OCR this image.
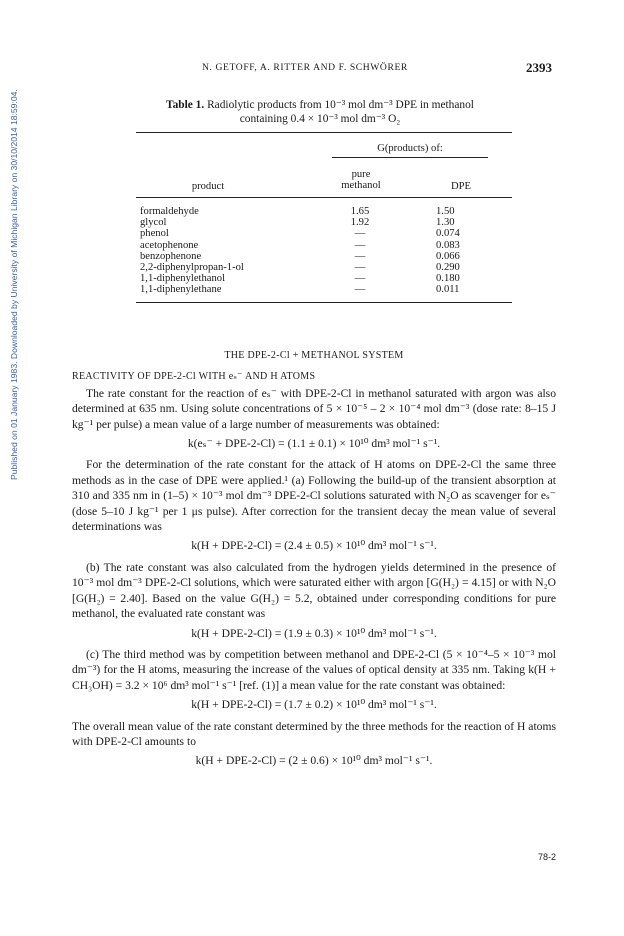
Published on 01 January 1983. Downloaded by University of Michigan Library on 30/10/2014 18:59:04.
N. GETOFF, A. RITTER AND F. SCHWÖRER	2393
Table 1. Radiolytic products from 10⁻³ mol dm⁻³ DPE in methanol
containing 0.4 × 10⁻³ mol dm⁻³ O₂
G(products) of:
product
pure
methanol	DPE
formaldehyde	1.65	1.50
glycol	1.92	1.30
phenol	—	0.074
acetophenone	—	0.083
benzophenone	—	0.066
2,2-diphenylpropan-1-ol	—	0.290
1,1-diphenylethanol	—	0.180
1,1-diphenylethane	—	0.011
THE DPE-2-Cl + METHANOL SYSTEM
REACTIVITY OF DPE-2-Cl WITH eₛ⁻ AND H ATOMS

The rate constant for the reaction of eₛ⁻ with DPE-2-Cl in methanol saturated with argon was also determined at 635 nm. Using solute concentrations of 5 × 10⁻⁵ – 2 × 10⁻⁴ mol dm⁻³ (dose rate: 8–15 J kg⁻¹ per pulse) a mean value of a large number of measurements was obtained:

k(eₛ⁻ + DPE-2-Cl) = (1.1 ± 0.1) × 10¹⁰ dm³ mol⁻¹ s⁻¹.

For the determination of the rate constant for the attack of H atoms on DPE-2-Cl the same three methods as in the case of DPE were applied.¹ (a) Following the build-up of the transient absorption at 310 and 335 nm in (1–5) × 10⁻³ mol dm⁻³ DPE-2-Cl solutions saturated with N₂O as scavenger for eₛ⁻ (dose 5–10 J kg⁻¹ per 1 μs pulse). After correction for the transient decay the mean value of several determinations was

k(H + DPE-2-Cl) = (2.4 ± 0.5) × 10¹⁰ dm³ mol⁻¹ s⁻¹.

(b) The rate constant was also calculated from the hydrogen yields determined in the presence of 10⁻³ mol dm⁻³ DPE-2-Cl solutions, which were saturated either with argon [G(H₂) = 4.15] or with N₂O [G(H₂) = 2.40]. Based on the value G(H₂) = 5.2, obtained under corresponding conditions for pure methanol, the evaluated rate constant was

k(H + DPE-2-Cl) = (1.9 ± 0.3) × 10¹⁰ dm³ mol⁻¹ s⁻¹.

(c) The third method was by competition between methanol and DPE-2-Cl (5 × 10⁻⁴–5 × 10⁻³ mol dm⁻³) for the H atoms, measuring the increase of the values of optical density at 335 nm. Taking k(H + CH₃OH) = 3.2 × 10⁶ dm³ mol⁻¹ s⁻¹ [ref. (1)] a mean value for the rate constant was obtained:

k(H + DPE-2-Cl) = (1.7 ± 0.2) × 10¹⁰ dm³ mol⁻¹ s⁻¹.

The overall mean value of the rate constant determined by the three methods for the reaction of H atoms with DPE-2-Cl amounts to

k(H + DPE-2-Cl) = (2 ± 0.6) × 10¹⁰ dm³ mol⁻¹ s⁻¹.
78-2
